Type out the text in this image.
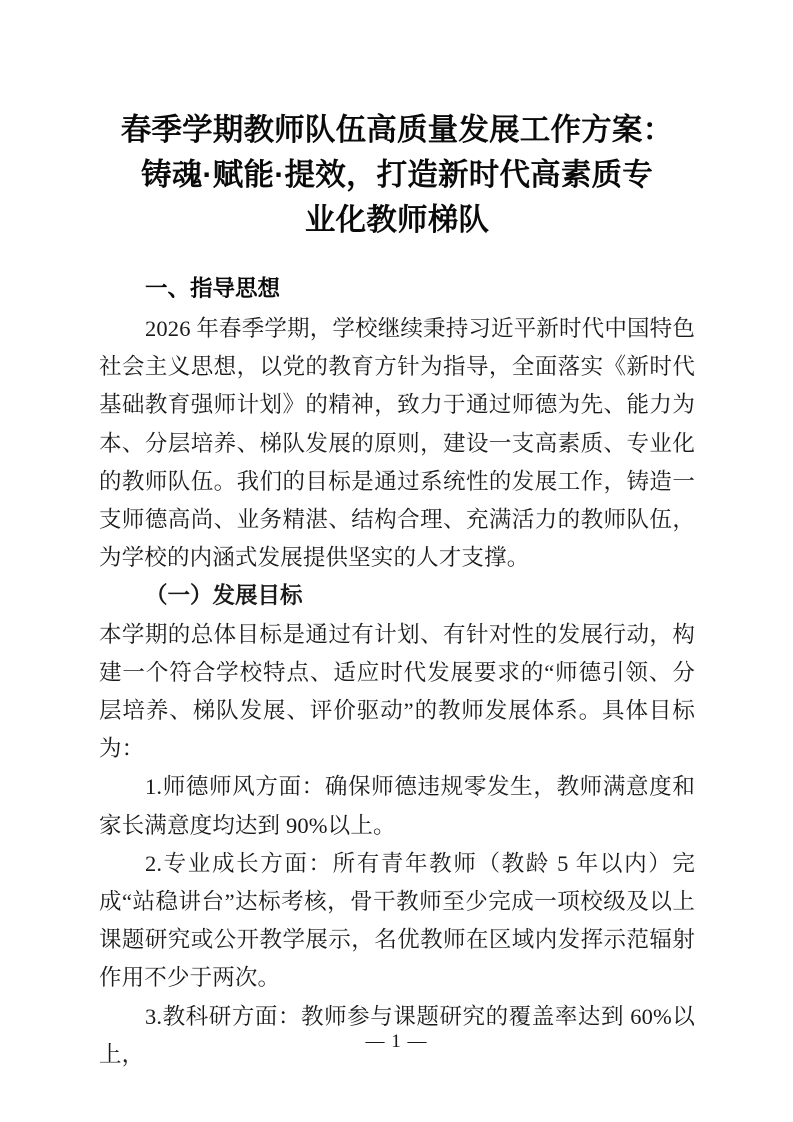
春季学期教师队伍高质量发展工作方案：
铸魂·赋能·提效，打造新时代高素质专
业化教师梯队
一、指导思想

2026 年春季学期，学校继续秉持习近平新时代中国特色社会主义思想，以党的教育方针为指导，全面落实《新时代基础教育强师计划》的精神，致力于通过师德为先、能力为本、分层培养、梯队发展的原则，建设一支高素质、专业化的教师队伍。我们的目标是通过系统性的发展工作，铸造一支师德高尚、业务精湛、结构合理、充满活力的教师队伍，为学校的内涵式发展提供坚实的人才支撑。

（一）发展目标

本学期的总体目标是通过有计划、有针对性的发展行动，构建一个符合学校特点、适应时代发展要求的“师德引领、分层培养、梯队发展、评价驱动”的教师发展体系。具体目标为：

1.师德师风方面：确保师德违规零发生，教师满意度和家长满意度均达到 90%以上。

2.专业成长方面：所有青年教师（教龄 5 年以内）完成“站稳讲台”达标考核，骨干教师至少完成一项校级及以上课题研究或公开教学展示，名优教师在区域内发挥示范辐射作用不少于两次。

3.教科研方面：教师参与课题研究的覆盖率达到 60%以上，

— 1 —
